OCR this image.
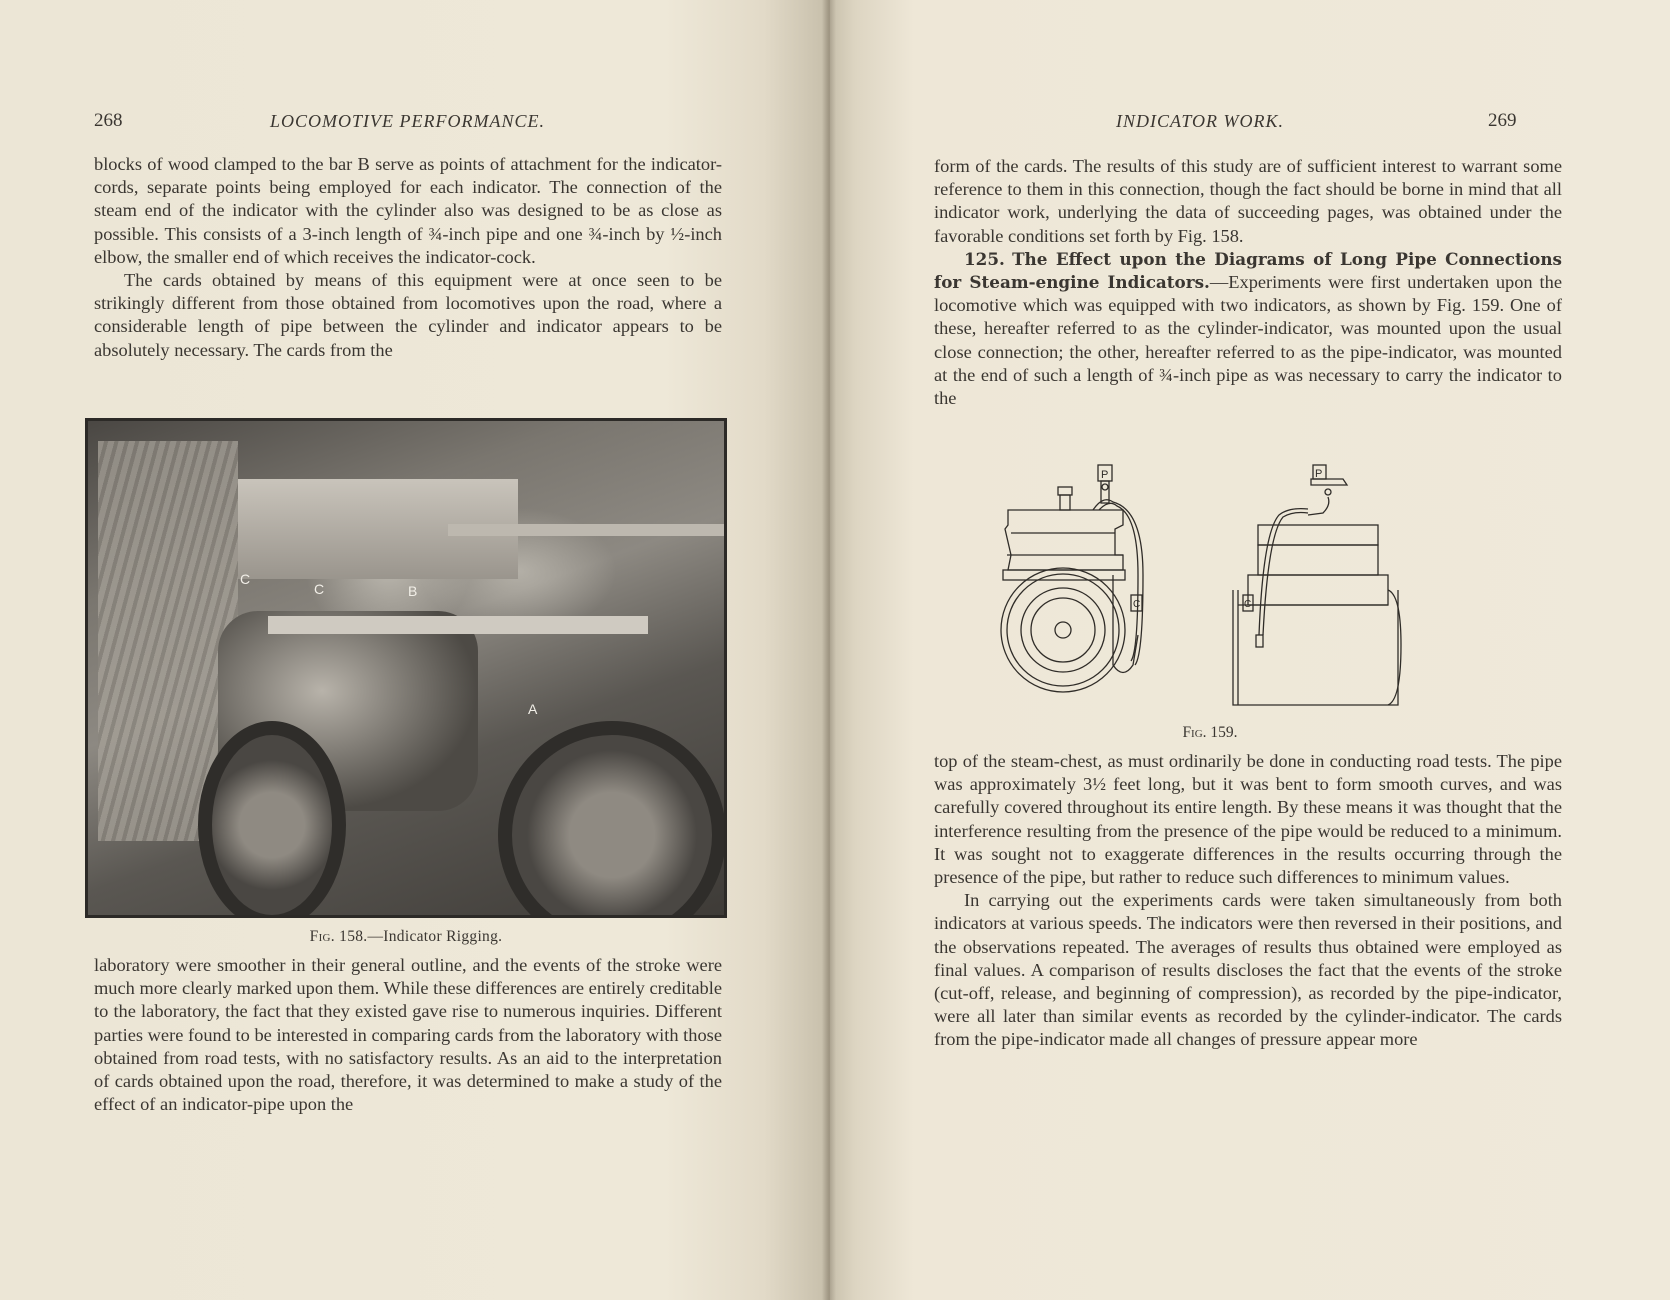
268	LOCOMOTIVE PERFORMANCE.

blocks of wood clamped to the bar B serve as points of attachment for the indicator-cords, separate points being employed for each indicator. The connection of the steam end of the indicator with the cylinder also was designed to be as close as possible. This consists of a 3-inch length of ¾-inch pipe and one ¾-inch by ½-inch elbow, the smaller end of which receives the indicator-cock.

The cards obtained by means of this equipment were at once seen to be strikingly different from those obtained from locomotives upon the road, where a considerable length of pipe between the cylinder and indicator appears to be absolutely necessary. The cards from the

C
C	B
A
Fig. 158.—Indicator Rigging.

laboratory were smoother in their general outline, and the events of the stroke were much more clearly marked upon them. While these differences are entirely creditable to the laboratory, the fact that they existed gave rise to numerous inquiries. Different parties were found to be interested in comparing cards from the laboratory with those obtained from road tests, with no satisfactory results. As an aid to the interpretation of cards obtained upon the road, therefore, it was determined to make a study of the effect of an indicator-pipe upon the

INDICATOR WORK.	269

form of the cards. The results of this study are of sufficient interest to warrant some reference to them in this connection, though the fact should be borne in mind that all indicator work, underlying the data of succeeding pages, was obtained under the favorable conditions set forth by Fig. 158.

125. The Effect upon the Diagrams of Long Pipe Connections for Steam-engine Indicators.—Experiments were first undertaken upon the locomotive which was equipped with two indicators, as shown by Fig. 159. One of these, hereafter referred to as the cylinder-indicator, was mounted upon the usual close connection; the other, hereafter referred to as the pipe-indicator, was mounted at the end of such a length of ¾-inch pipe as was necessary to carry the indicator to the

P
C	C
P
Fig. 159.

top of the steam-chest, as must ordinarily be done in conducting road tests. The pipe was approximately 3½ feet long, but it was bent to form smooth curves, and was carefully covered throughout its entire length. By these means it was thought that the interference resulting from the presence of the pipe would be reduced to a minimum. It was sought not to exaggerate differences in the results occurring through the presence of the pipe, but rather to reduce such differences to minimum values.

In carrying out the experiments cards were taken simultaneously from both indicators at various speeds. The indicators were then reversed in their positions, and the observations repeated. The averages of results thus obtained were employed as final values. A comparison of results discloses the fact that the events of the stroke (cut-off, release, and beginning of compression), as recorded by the pipe-indicator, were all later than similar events as recorded by the cylinder-indicator. The cards from the pipe-indicator made all changes of pressure appear more
